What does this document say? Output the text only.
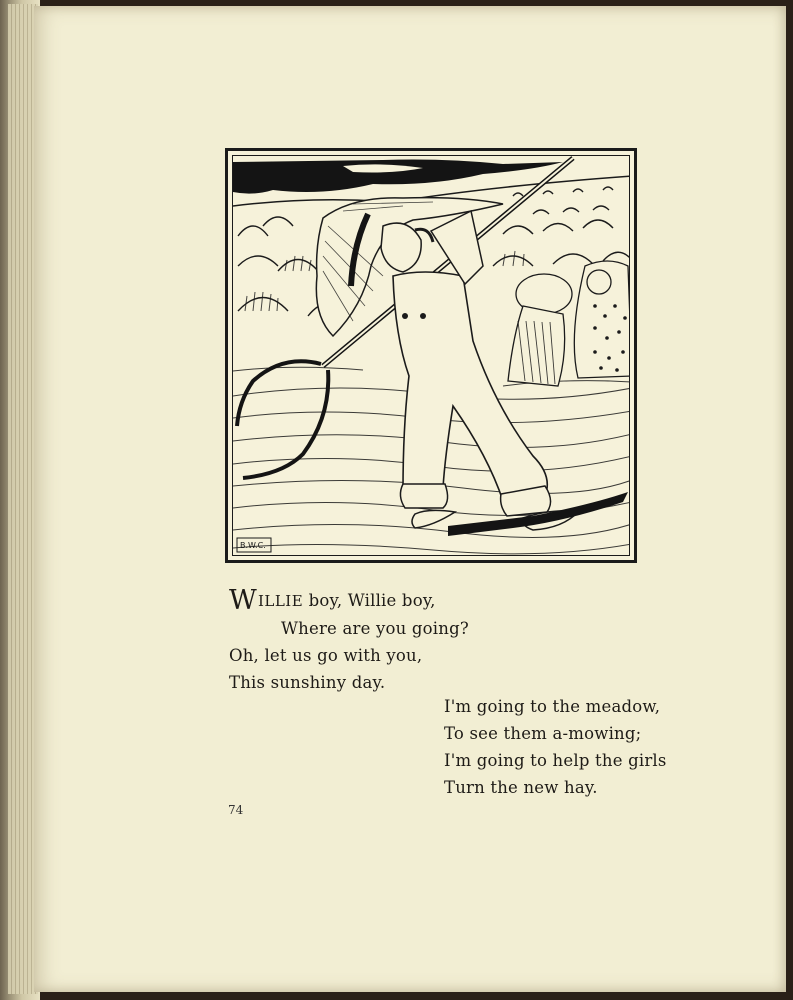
B.W.C.
WILLIE boy, Willie boy,
Where are you going?
Oh, let us go with you,
This sunshiny day.
I'm going to the meadow,
To see them a-mowing;
I'm going to help the girls
Turn the new hay.
74
